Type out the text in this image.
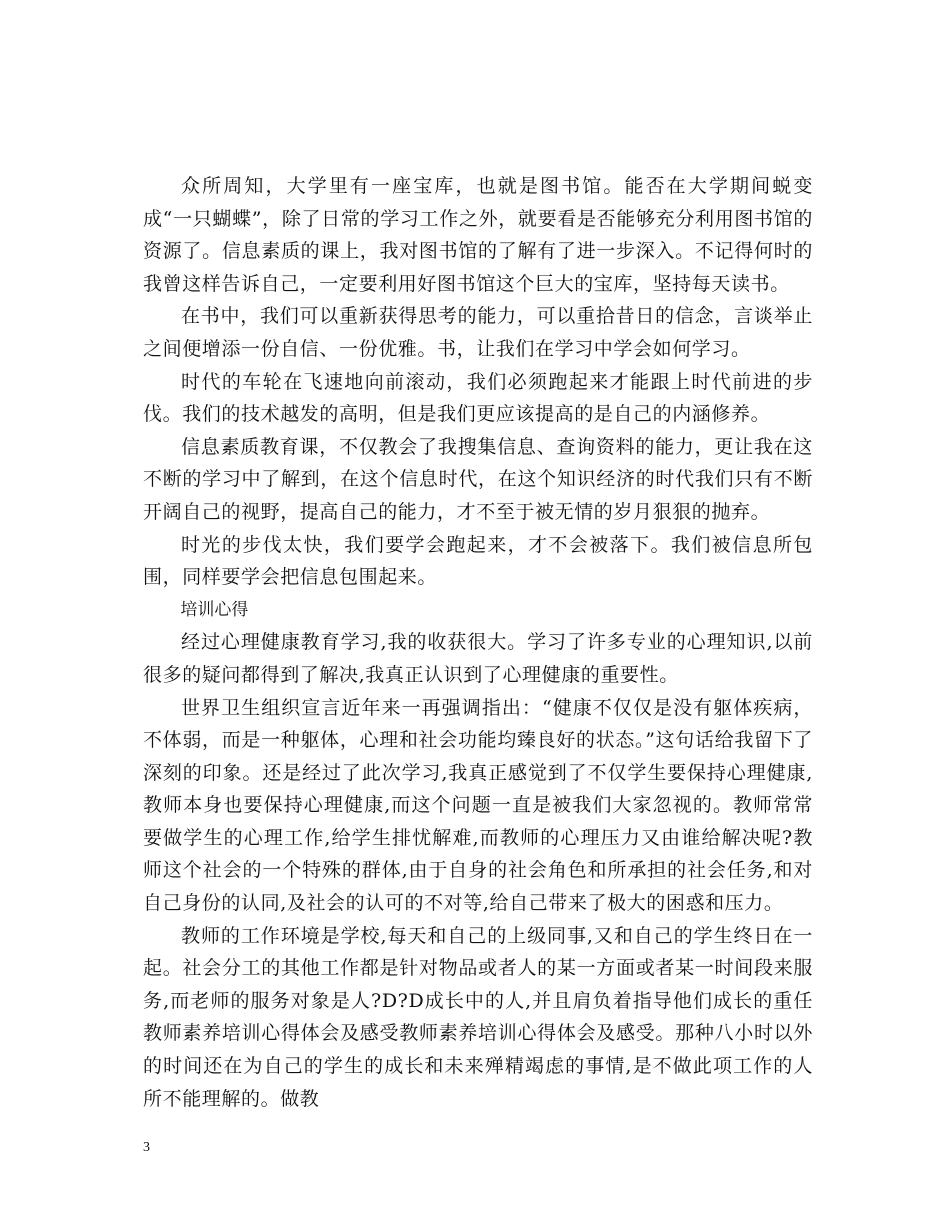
众所周知，大学里有一座宝库，也就是图书馆。能否在大学期间蜕变成“一只蝴蝶”，除了日常的学习工作之外，就要看是否能够充分利用图书馆的资源了。信息素质的课上，我对图书馆的了解有了进一步深入。不记得何时的我曾这样告诉自己，一定要利用好图书馆这个巨大的宝库，坚持每天读书。

在书中，我们可以重新获得思考的能力，可以重拾昔日的信念，言谈举止之间便增添一份自信、一份优雅。书，让我们在学习中学会如何学习。

时代的车轮在飞速地向前滚动，我们必须跑起来才能跟上时代前进的步伐。我们的技术越发的高明，但是我们更应该提高的是自己的内涵修养。

信息素质教育课，不仅教会了我搜集信息、查询资料的能力，更让我在这不断的学习中了解到，在这个信息时代，在这个知识经济的时代我们只有不断开阔自己的视野，提高自己的能力，才不至于被无情的岁月狠狠的抛弃。

时光的步伐太快，我们要学会跑起来，才不会被落下。我们被信息所包围，同样要学会把信息包围起来。

培训心得

经过心理健康教育学习,我的收获很大。学习了许多专业的心理知识,以前很多的疑问都得到了解决,我真正认识到了心理健康的重要性。

世界卫生组织宣言近年来一再强调指出：“健康不仅仅是没有躯体疾病，不体弱，而是一种躯体，心理和社会功能均臻良好的状态。”这句话给我留下了深刻的印象。还是经过了此次学习,我真正感觉到了不仅学生要保持心理健康,教师本身也要保持心理健康,而这个问题一直是被我们大家忽视的。教师常常要做学生的心理工作,给学生排忧解难,而教师的心理压力又由谁给解决呢?教师这个社会的一个特殊的群体,由于自身的社会角色和所承担的社会任务,和对自己身份的认同,及社会的认可的不对等,给自己带来了极大的困惑和压力。

教师的工作环境是学校,每天和自己的上级同事,又和自己的学生终日在一起。社会分工的其他工作都是针对物品或者人的某一方面或者某一时间段来服务,而老师的服务对象是人?D?D成长中的人,并且肩负着指导他们成长的重任教师素养培训心得体会及感受教师素养培训心得体会及感受。那种八小时以外的时间还在为自己的学生的成长和未来殚精竭虑的事情,是不做此项工作的人所不能理解的。做教

3
